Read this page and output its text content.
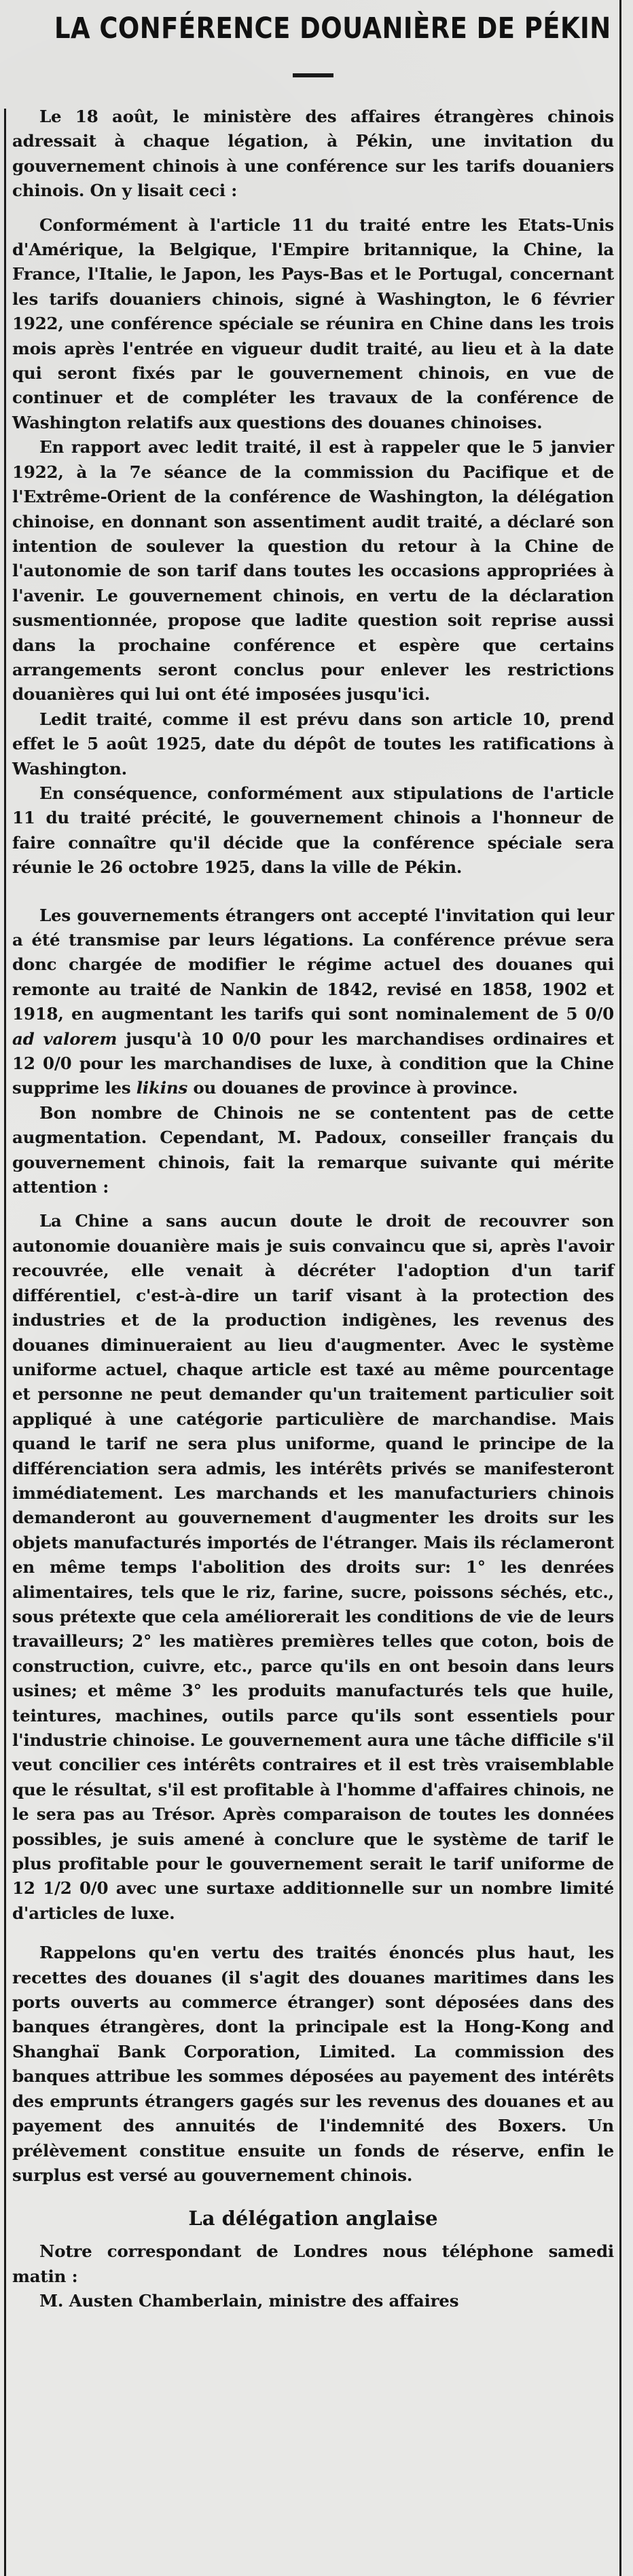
LA CONFÉRENCE DOUANIÈRE DE PÉKIN

Le 18 août, le ministère des affaires étrangères chinois adressait à chaque légation, à Pékin, une invitation du gouvernement chinois à une conférence sur les tarifs douaniers chinois. On y lisait ceci :

Conformément à l'article 11 du traité entre les Etats-Unis d'Amérique, la Belgique, l'Empire britannique, la Chine, la France, l'Italie, le Japon, les Pays-Bas et le Portugal, concernant les tarifs douaniers chinois, signé à Washington, le 6 février 1922, une conférence spéciale se réunira en Chine dans les trois mois après l'entrée en vigueur dudit traité, au lieu et à la date qui seront fixés par le gouvernement chinois, en vue de continuer et de compléter les travaux de la conférence de Washington relatifs aux questions des douanes chinoises.

En rapport avec ledit traité, il est à rappeler que le 5 janvier 1922, à la 7e séance de la commission du Pacifique et de l'Extrême-Orient de la conférence de Washington, la délégation chinoise, en donnant son assentiment audit traité, a déclaré son intention de soulever la question du retour à la Chine de l'autonomie de son tarif dans toutes les occasions appropriées à l'avenir. Le gouvernement chinois, en vertu de la déclaration susmentionnée, propose que ladite question soit reprise aussi dans la prochaine conférence et espère que certains arrangements seront conclus pour enlever les restrictions douanières qui lui ont été imposées jusqu'ici.

Ledit traité, comme il est prévu dans son article 10, prend effet le 5 août 1925, date du dépôt de toutes les ratifications à Washington.

En conséquence, conformément aux stipulations de l'article 11 du traité précité, le gouvernement chinois a l'honneur de faire connaître qu'il décide que la conférence spéciale sera réunie le 26 octobre 1925, dans la ville de Pékin.

Les gouvernements étrangers ont accepté l'invitation qui leur a été transmise par leurs légations. La conférence prévue sera donc chargée de modifier le régime actuel des douanes qui remonte au traité de Nankin de 1842, revisé en 1858, 1902 et 1918, en augmentant les tarifs qui sont nominalement de 5 0/0 ad valorem jusqu'à 10 0/0 pour les marchandises ordinaires et 12 0/0 pour les marchandises de luxe, à condition que la Chine supprime les likins ou douanes de province à province.

Bon nombre de Chinois ne se contentent pas de cette augmentation. Cependant, M. Padoux, conseiller français du gouvernement chinois, fait la remarque suivante qui mérite attention :

La Chine a sans aucun doute le droit de recouvrer son autonomie douanière mais je suis convaincu que si, après l'avoir recouvrée, elle venait à décréter l'adoption d'un tarif différentiel, c'est-à-dire un tarif visant à la protection des industries et de la production indigènes, les revenus des douanes diminueraient au lieu d'augmenter. Avec le système uniforme actuel, chaque article est taxé au même pourcentage et personne ne peut demander qu'un traitement particulier soit appliqué à une catégorie particulière de marchandise. Mais quand le tarif ne sera plus uniforme, quand le principe de la différenciation sera admis, les intérêts privés se manifesteront immédiatement. Les marchands et les manufacturiers chinois demanderont au gouvernement d'augmenter les droits sur les objets manufacturés importés de l'étranger. Mais ils réclameront en même temps l'abolition des droits sur: 1° les denrées alimentaires, tels que le riz, farine, sucre, poissons séchés, etc., sous prétexte que cela améliorerait les conditions de vie de leurs travailleurs; 2° les matières premières telles que coton, bois de construction, cuivre, etc., parce qu'ils en ont besoin dans leurs usines; et même 3° les produits manufacturés tels que huile, teintures, machines, outils parce qu'ils sont essentiels pour l'industrie chinoise. Le gouvernement aura une tâche difficile s'il veut concilier ces intérêts contraires et il est très vraisemblable que le résultat, s'il est profitable à l'homme d'affaires chinois, ne le sera pas au Trésor. Après comparaison de toutes les données possibles, je suis amené à conclure que le système de tarif le plus profitable pour le gouvernement serait le tarif uniforme de 12 1/2 0/0 avec une surtaxe additionnelle sur un nombre limité d'articles de luxe.

Rappelons qu'en vertu des traités énoncés plus haut, les recettes des douanes (il s'agit des douanes maritimes dans les ports ouverts au commerce étranger) sont déposées dans des banques étrangères, dont la principale est la Hong-Kong and Shanghaï Bank Corporation, Limited. La commission des banques attribue les sommes déposées au payement des intérêts des emprunts étrangers gagés sur les revenus des douanes et au payement des annuités de l'indemnité des Boxers. Un prélèvement constitue ensuite un fonds de réserve, enfin le surplus est versé au gouvernement chinois.

La délégation anglaise

Notre correspondant de Londres nous téléphone samedi matin :

M. Austen Chamberlain, ministre des affaires
